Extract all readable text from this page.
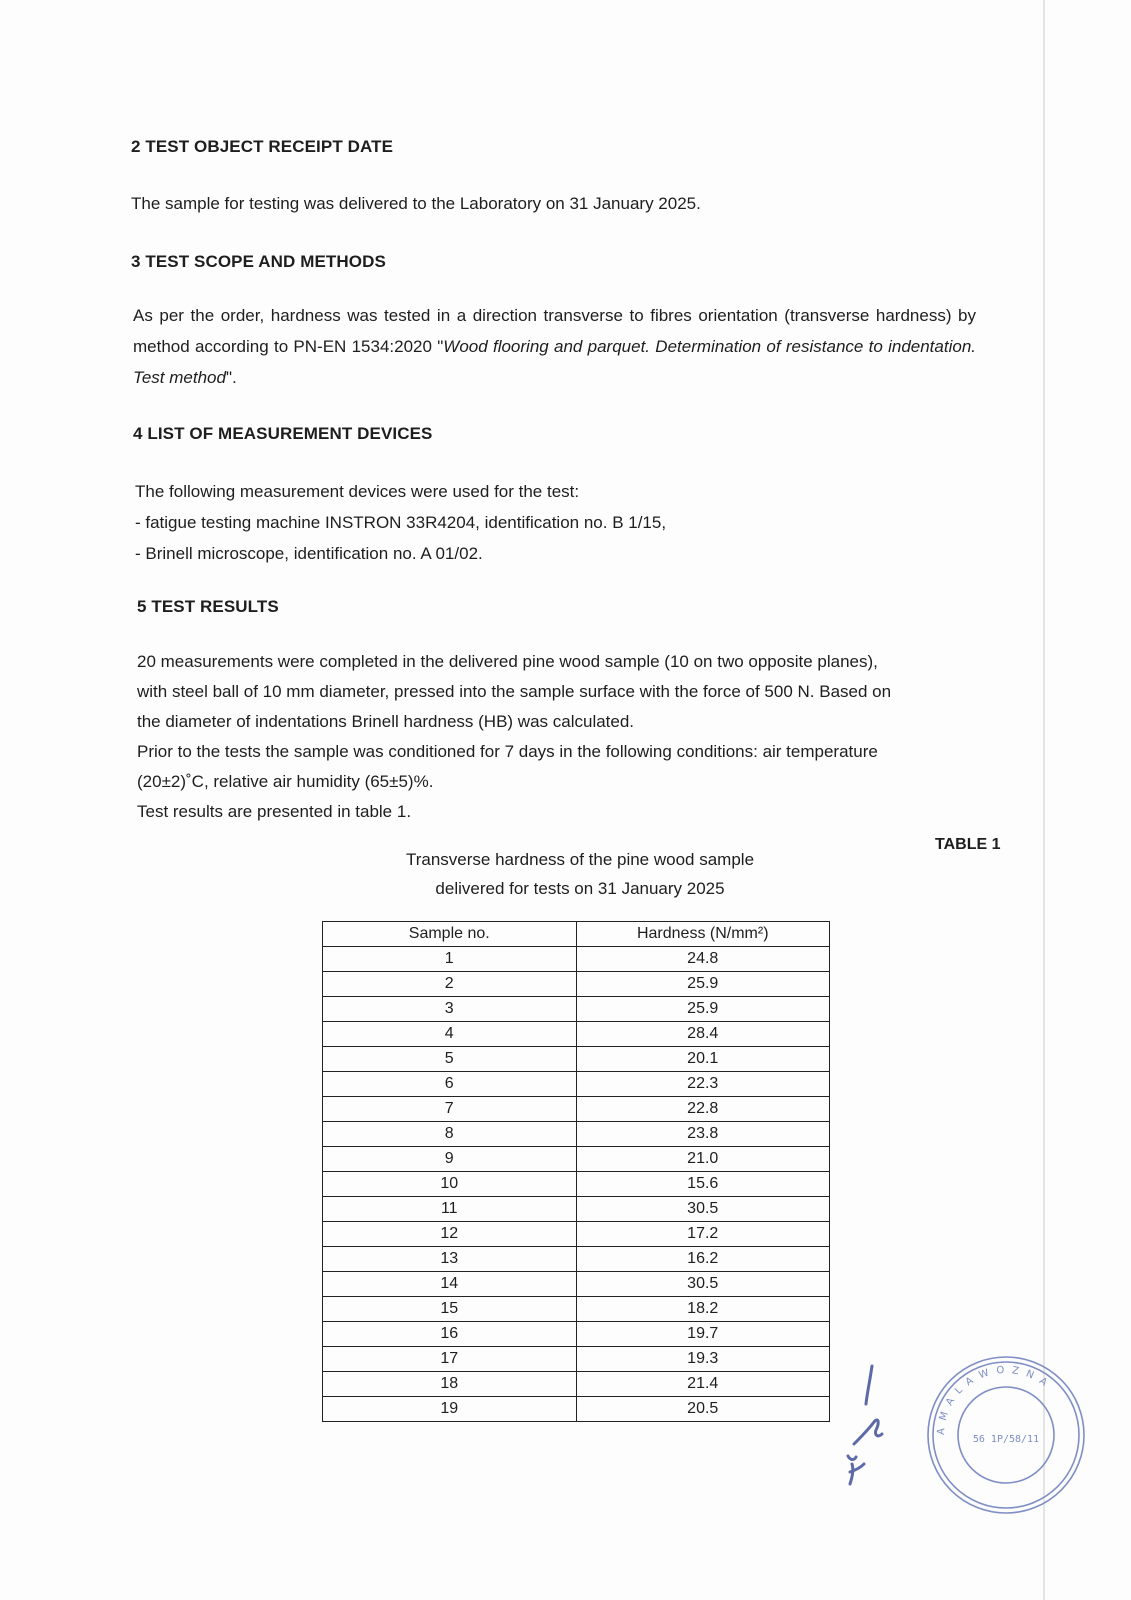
2 TEST OBJECT RECEIPT DATE
The sample for testing was delivered to the Laboratory on 31 January 2025.
3 TEST SCOPE AND METHODS
As per the order, hardness was tested in a direction transverse to fibres orientation (transverse hardness) by method according to PN-EN 1534:2020 "Wood flooring and parquet. Determination of resistance to indentation. Test method".
4 LIST OF MEASUREMENT DEVICES
The following measurement devices were used for the test:
- fatigue testing machine INSTRON 33R4204, identification no. B 1/15,
- Brinell microscope, identification no. A 01/02.
5 TEST RESULTS
20 measurements were completed in the delivered pine wood sample (10 on two opposite planes),
with steel ball of 10 mm diameter, pressed into the sample surface with the force of 500 N. Based on
the diameter of indentations Brinell hardness (HB) was calculated.
Prior to the tests the sample was conditioned for 7 days in the following conditions: air temperature
(20±2)˚C, relative air humidity (65±5)%.
Test results are presented in table 1.
TABLE 1
Transverse hardness of the pine wood sample
delivered for tests on 31 January 2025
Sample no.	Hardness (N/mm²)
1	24.8
2	25.9
3	25.9
4	28.4
5	20.1
6	22.3
7	22.8
8	23.8
9	21.0
10	15.6
11	30.5
12	17.2
13	16.2
14	30.5
15	18.2
16	19.7
17	19.3
18	21.4
19	20.5
A M A L A W O Z N A
56 1P/58/11
